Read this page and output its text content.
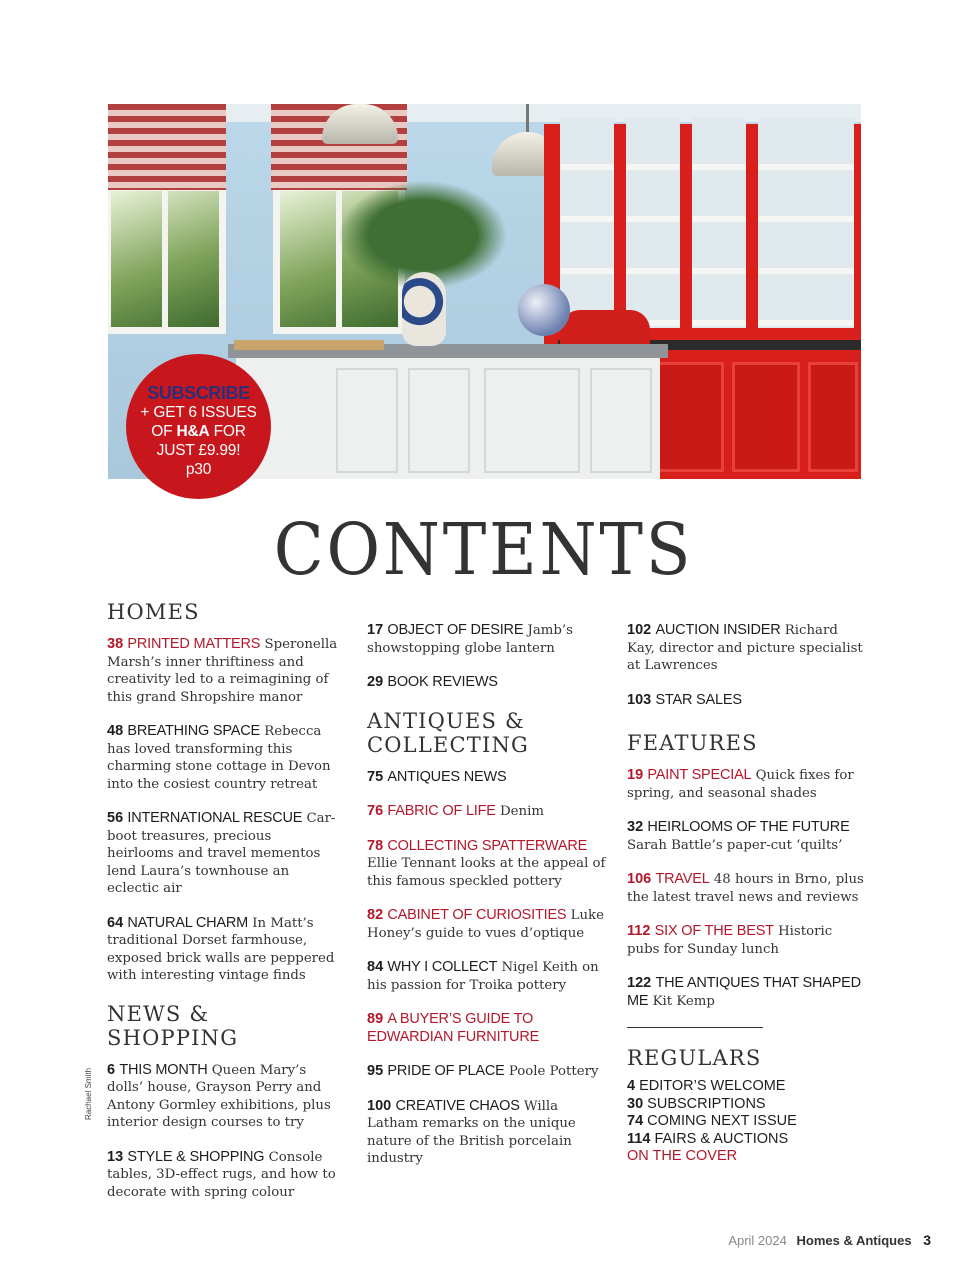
SUBSCRIBE
+ GET 6 ISSUES
OF H&A FOR
JUST £9.99!
p30
CONTENTS
HOMES

38 PRINTED MATTERS Speronella Marsh’s inner thriftiness and creativity led to a reimagining of this grand Shropshire manor

48 BREATHING SPACE Rebecca has loved transforming this charming stone cottage in Devon into the cosiest country retreat

56 INTERNATIONAL RESCUE Car-boot treasures, precious heirlooms and travel mementos lend Laura’s townhouse an eclectic air

64 NATURAL CHARM In Matt’s traditional Dorset farmhouse, exposed brick walls are peppered with interesting vintage finds

NEWS & SHOPPING

6 THIS MONTH Queen Mary’s dolls’ house, Grayson Perry and Antony Gormley exhibitions, plus interior design courses to try

13 STYLE & SHOPPING Console tables, 3D-effect rugs, and how to decorate with spring colour

17 OBJECT OF DESIRE Jamb’s showstopping globe lantern

29 BOOK REVIEWS

ANTIQUES &
COLLECTING

75 ANTIQUES NEWS

76 FABRIC OF LIFE Denim

78 COLLECTING SPATTERWARE Ellie Tennant looks at the appeal of this famous speckled pottery

82 CABINET OF CURIOSITIES Luke Honey’s guide to vues d’optique

84 WHY I COLLECT Nigel Keith on his passion for Troika pottery

89 A BUYER’S GUIDE TO EDWARDIAN FURNITURE

95 PRIDE OF PLACE Poole Pottery

100 CREATIVE CHAOS Willa Latham remarks on the unique nature of the British porcelain industry

102 AUCTION INSIDER Richard Kay, director and picture specialist at Lawrences

103 STAR SALES

FEATURES

19 PAINT SPECIAL Quick fixes for spring, and seasonal shades

32 HEIRLOOMS OF THE FUTURE Sarah Battle’s paper-cut ‘quilts’

106 TRAVEL 48 hours in Brno, plus the latest travel news and reviews

112 SIX OF THE BEST Historic pubs for Sunday lunch

122 THE ANTIQUES THAT SHAPED ME Kit Kemp

REGULARS
4 EDITOR’S WELCOME
30 SUBSCRIPTIONS
74 COMING NEXT ISSUE
114 FAIRS & AUCTIONS
ON THE COVER
Rachael Smith
April 2024 Homes & Antiques 3
